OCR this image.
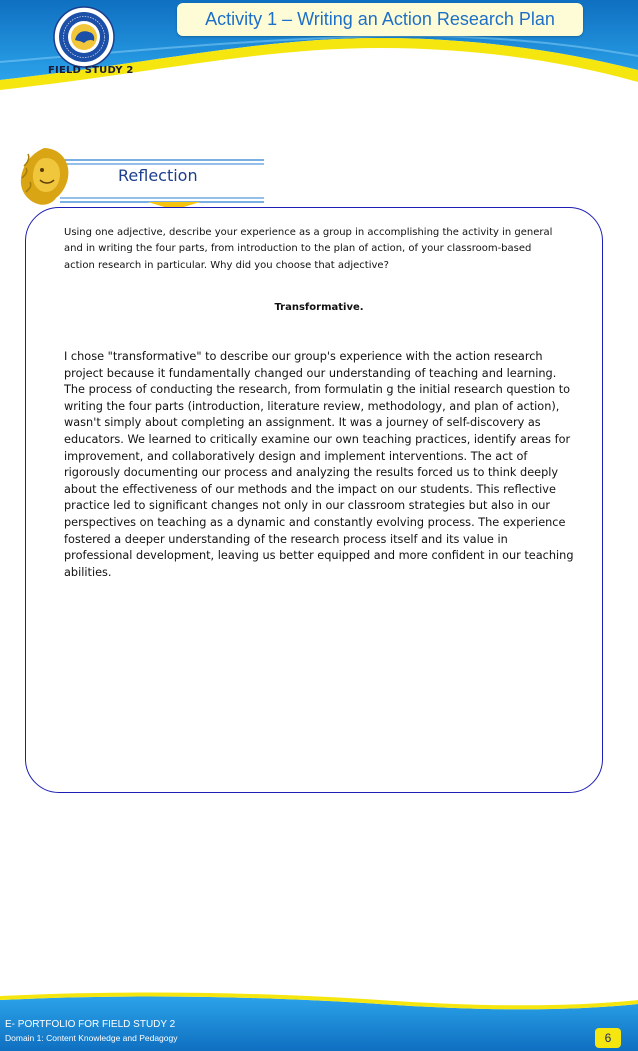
Activity 1 – Writing an Action Research Plan
FIELD STUDY 2
Reflection
Using one adjective, describe your experience as a group in accomplishing the activity in general and in writing the four parts, from introduction to the plan of action, of your classroom-based action research in particular. Why did you choose that adjective?
Transformative.
I chose "transformative" to describe our group's experience with the action research project because it fundamentally changed our understanding of teaching and learning. The process of conducting the research, from formulatin g the initial research question to writing the four parts (introduction, literature review, methodology, and plan of action), wasn't simply about completing an assignment. It was a journey of self-discovery as educators. We learned to critically examine our own teaching practices, identify areas for improvement, and collaboratively design and implement interventions. The act of rigorously documenting our process and analyzing the results forced us to think deeply about the effectiveness of our methods and the impact on our students. This reflective practice led to significant changes not only in our classroom strategies but also in our perspectives on teaching as a dynamic and constantly evolving process. The experience fostered a deeper understanding of the research process itself and its value in professional development, leaving us better equipped and more confident in our teaching abilities.
E- PORTFOLIO FOR FIELD STUDY 2
Domain 1: Content Knowledge and Pedagogy	6
